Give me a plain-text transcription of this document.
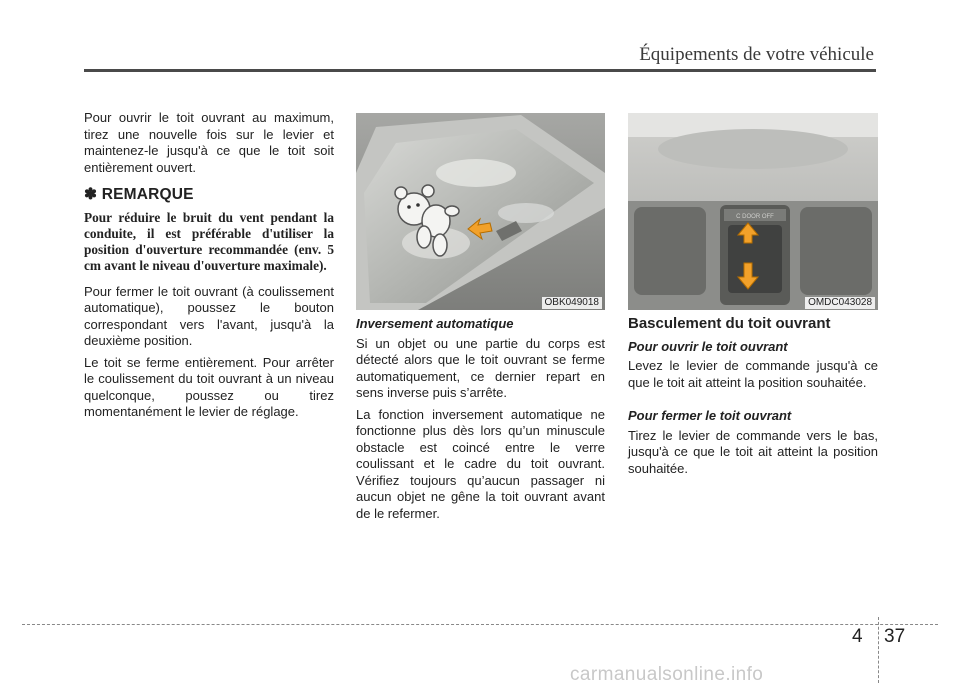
Équipements de votre véhicule

Pour ouvrir le toit ouvrant au maximum, tirez une nouvelle fois sur le levier et maintenez-le jusqu'à ce que le toit soit entièrement ouvert.

✽ REMARQUE
Pour réduire le bruit du vent pendant la conduite, il est préférable d'utiliser la position d'ouverture recommandée (env. 5 cm avant le niveau d'ouverture maximale).

Pour fermer le toit ouvrant (à coulissement automatique), poussez le bouton correspondant vers l'avant, jusqu'à la deuxième position.

Le toit se ferme entièrement. Pour arrêter le coulissement du toit ouvrant à un niveau quelconque, poussez ou tirez momentanément le levier de réglage.

OBK049018
C DOOR OFF
OMDC043028
Inversement automatique

Si un objet ou une partie du corps est détecté alors que le toit ouvrant se ferme automatiquement, ce dernier repart en sens inverse puis s’arrête.

La fonction inversement automatique ne fonctionne plus dès lors qu’un minuscule obstacle est coincé entre le verre coulissant et le cadre du toit ouvrant. Vérifiez toujours qu’aucun passager ni aucun objet ne gêne la toit ouvrant avant de le refermer.

Basculement du toit ouvrant
Pour ouvrir le toit ouvrant

Levez le levier de commande jusqu'à ce que le toit ait atteint la position souhaitée.

Pour fermer le toit ouvrant

Tirez le levier de commande vers le bas, jusqu'à ce que le toit ait atteint la position souhaitée.

4 37
carmanualsonline.info
